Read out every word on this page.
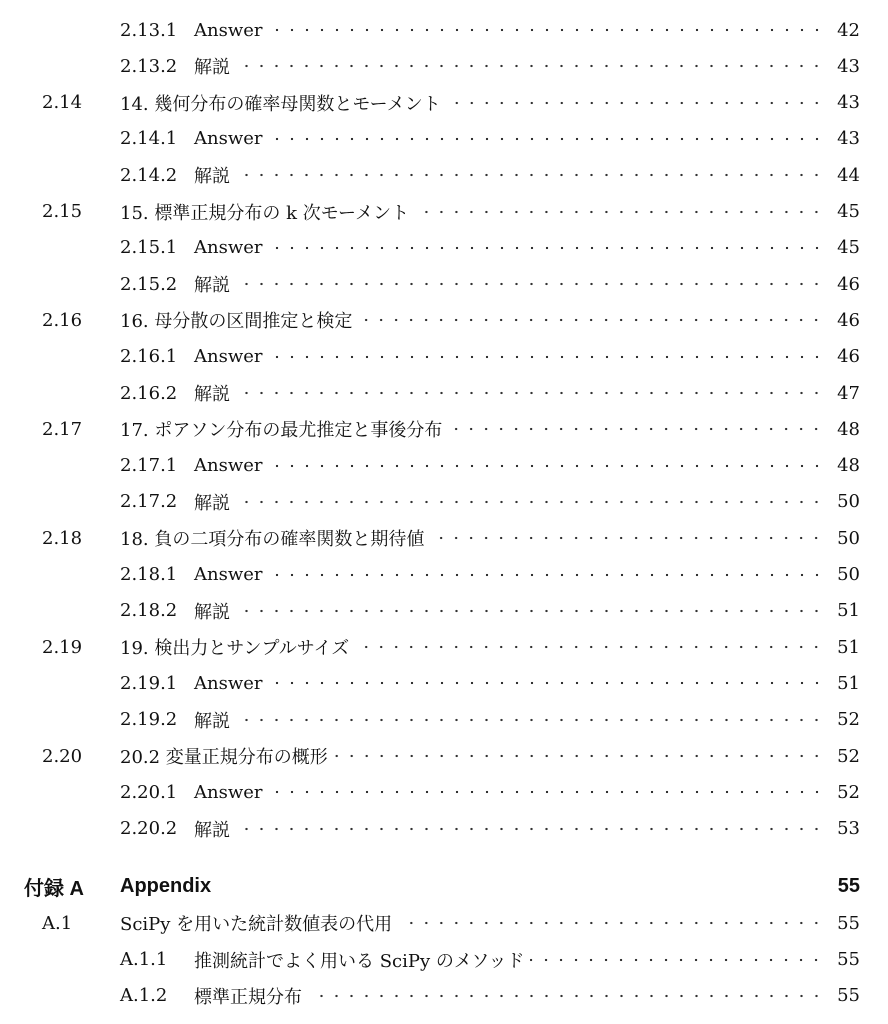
2.13.1 Answer	42
2.13.2 解説	43
2.14 14. 幾何分布の確率母関数とモーメント	43
2.14.1 Answer	43
2.14.2 解説	44
2.15 15. 標準正規分布の k 次モーメント	45
2.15.1 Answer	45
2.15.2 解説	46
2.16 16. 母分散の区間推定と検定	46
2.16.1 Answer	46
2.16.2 解説	47
2.17 17. ポアソン分布の最尤推定と事後分布	48
2.17.1 Answer	48
2.17.2 解説	50
2.18 18. 負の二項分布の確率関数と期待値	50
2.18.1 Answer	50
2.18.2 解説	51
2.19 19. 検出力とサンプルサイズ	51
2.19.1 Answer	51
2.19.2 解説	52
2.20 20.2 変量正規分布の概形	52
2.20.1 Answer	52
2.20.2 解説	53
付録 A Appendix	55
A.1	SciPy を用いた統計数値表の代用	55
A.1.1 推測統計でよく用いる SciPy のメソッド	55
A.1.2 標準正規分布	55
